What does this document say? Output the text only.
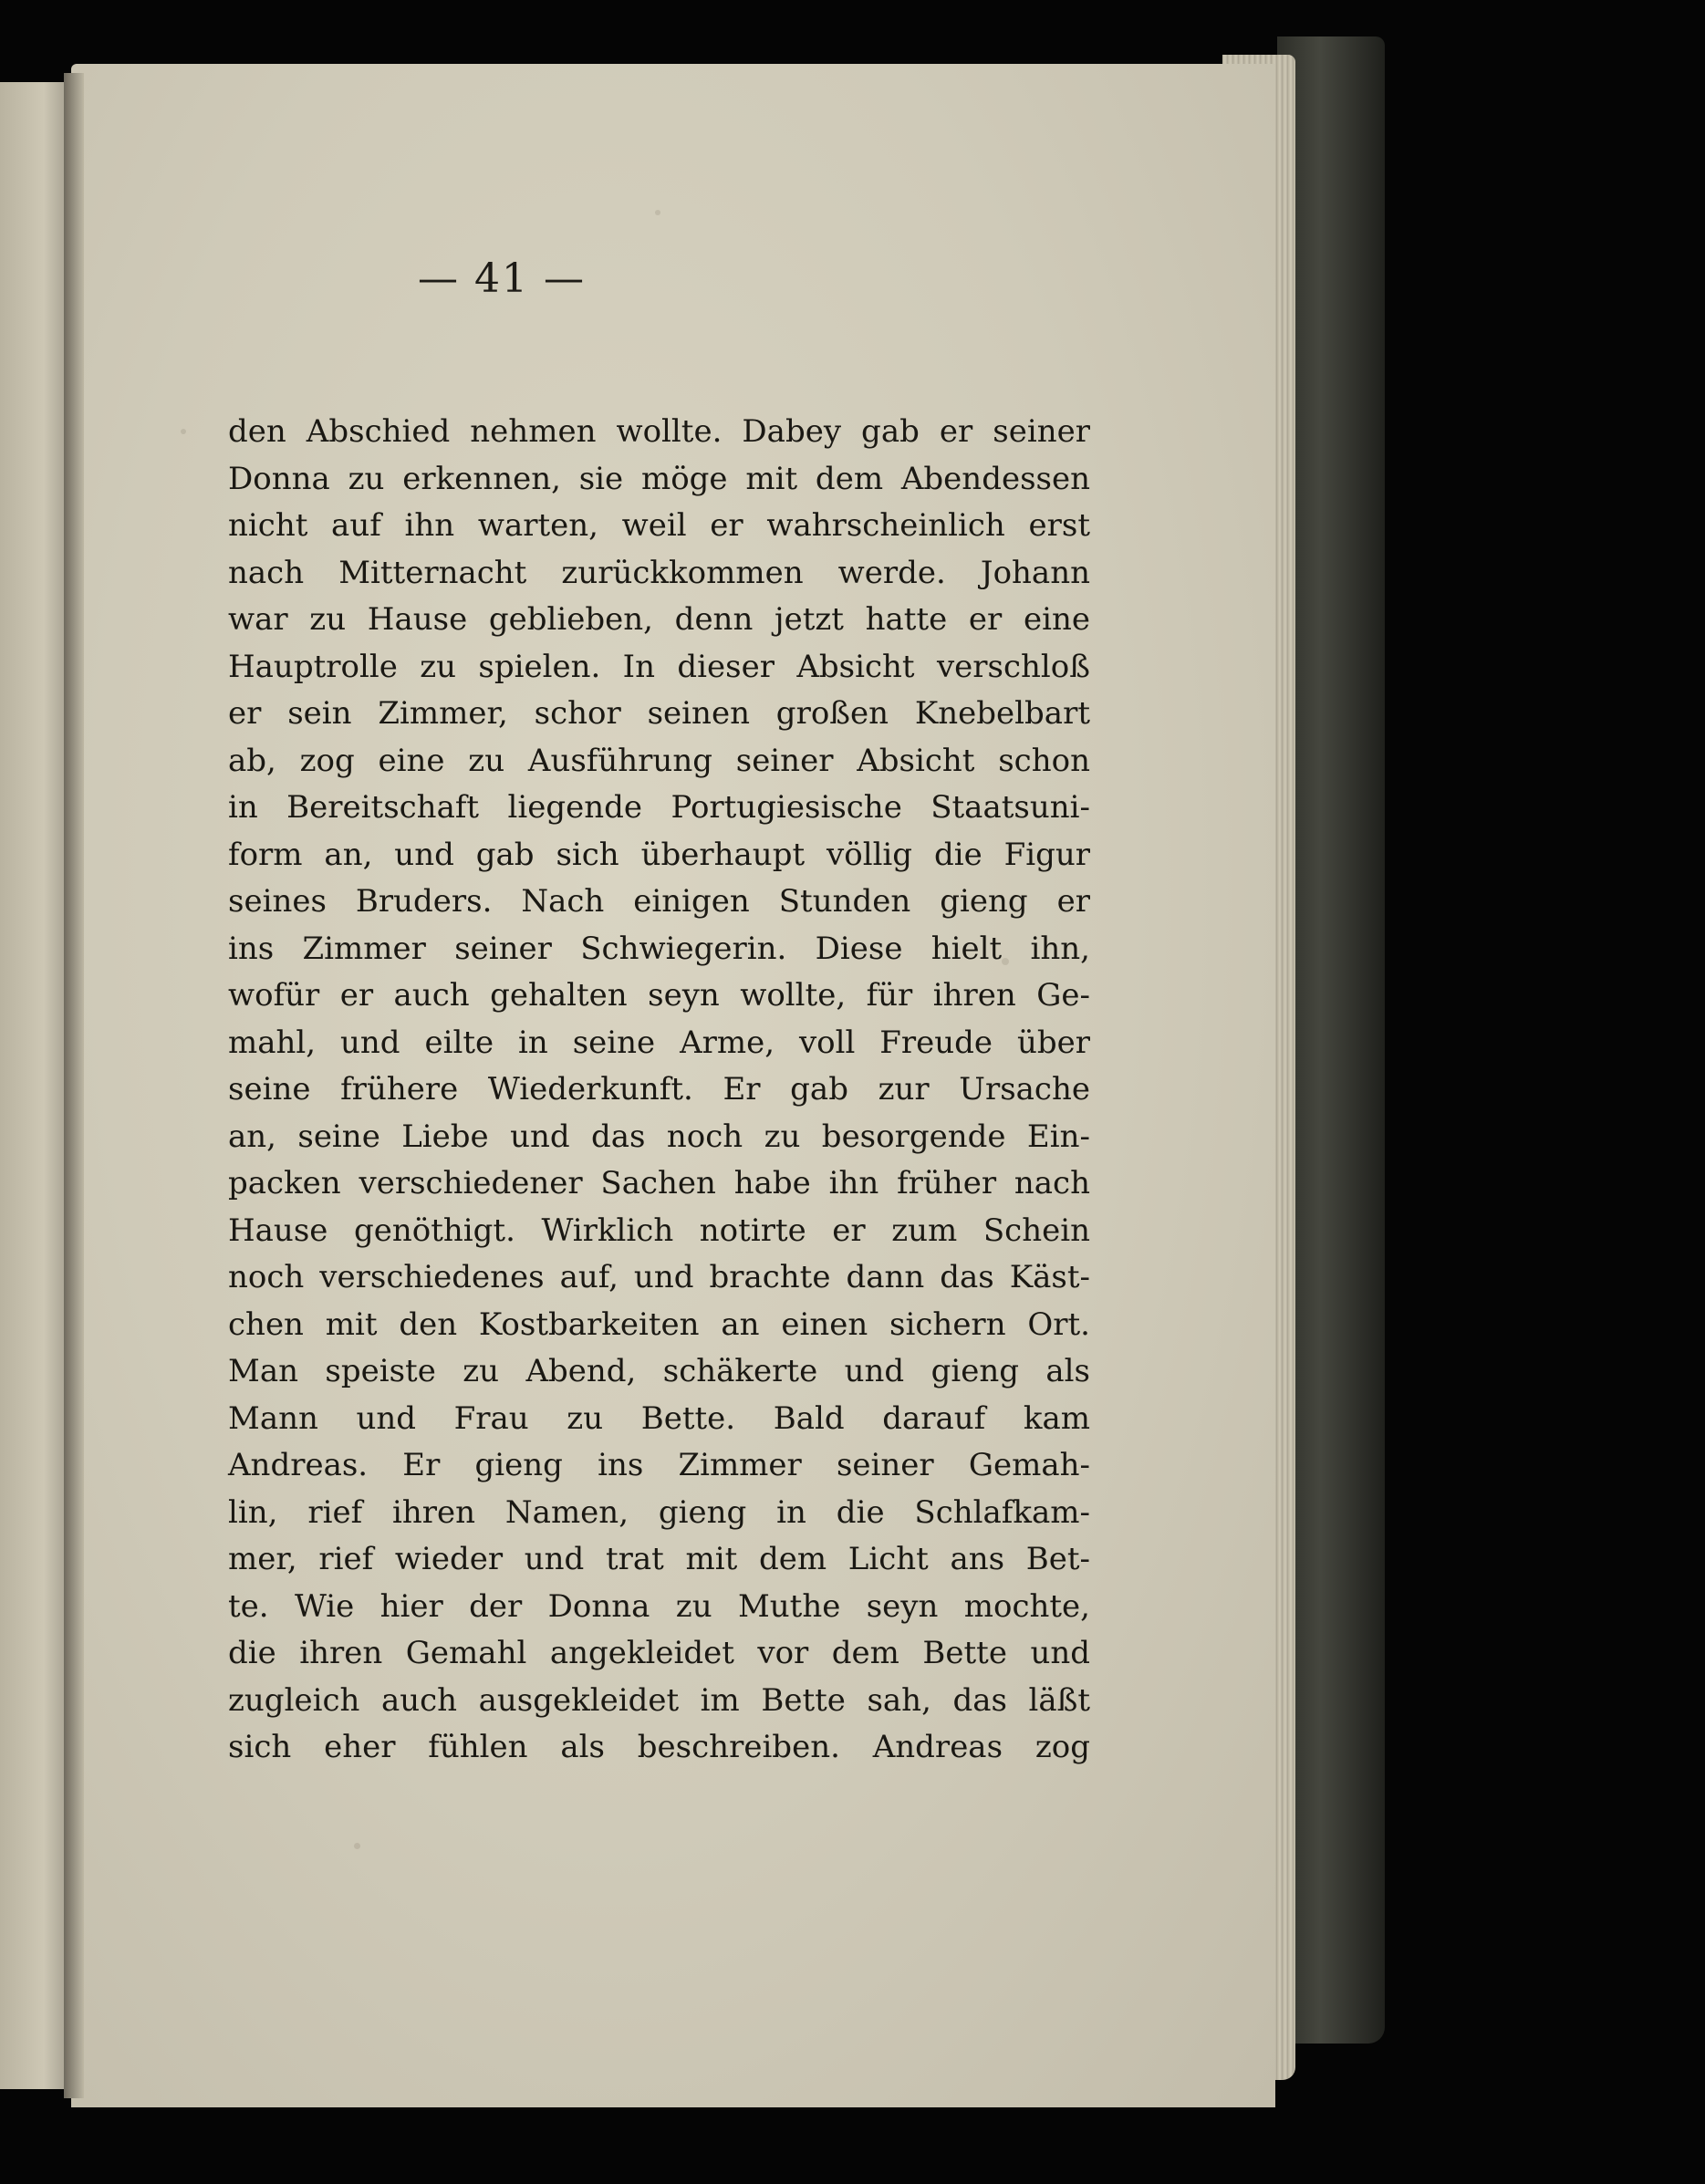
— 41 —
den Abschied nehmen wollte. Dabey gab er seiner
Donna zu erkennen, sie möge mit dem Abendessen
nicht auf ihn warten, weil er wahrscheinlich erst
nach Mitternacht zurückkommen werde. Johann
war zu Hause geblieben, denn jetzt hatte er eine
Hauptrolle zu spielen. In dieser Absicht verschloß
er sein Zimmer, schor seinen großen Knebelbart
ab, zog eine zu Ausführung seiner Absicht schon
in Bereitschaft liegende Portugiesische Staatsuni-
form an, und gab sich überhaupt völlig die Figur
seines Bruders. Nach einigen Stunden gieng er
ins Zimmer seiner Schwiegerin. Diese hielt ihn,
wofür er auch gehalten seyn wollte, für ihren Ge-
mahl, und eilte in seine Arme, voll Freude über
seine frühere Wiederkunft. Er gab zur Ursache
an, seine Liebe und das noch zu besorgende Ein-
packen verschiedener Sachen habe ihn früher nach
Hause genöthigt. Wirklich notirte er zum Schein
noch verschiedenes auf, und brachte dann das Käst-
chen mit den Kostbarkeiten an einen sichern Ort.
Man speiste zu Abend, schäkerte und gieng als
Mann und Frau zu Bette. Bald darauf kam
Andreas. Er gieng ins Zimmer seiner Gemah-
lin, rief ihren Namen, gieng in die Schlafkam-
mer, rief wieder und trat mit dem Licht ans Bet-
te. Wie hier der Donna zu Muthe seyn mochte,
die ihren Gemahl angekleidet vor dem Bette und
zugleich auch ausgekleidet im Bette sah, das läßt
sich eher fühlen als beschreiben. Andreas zog
